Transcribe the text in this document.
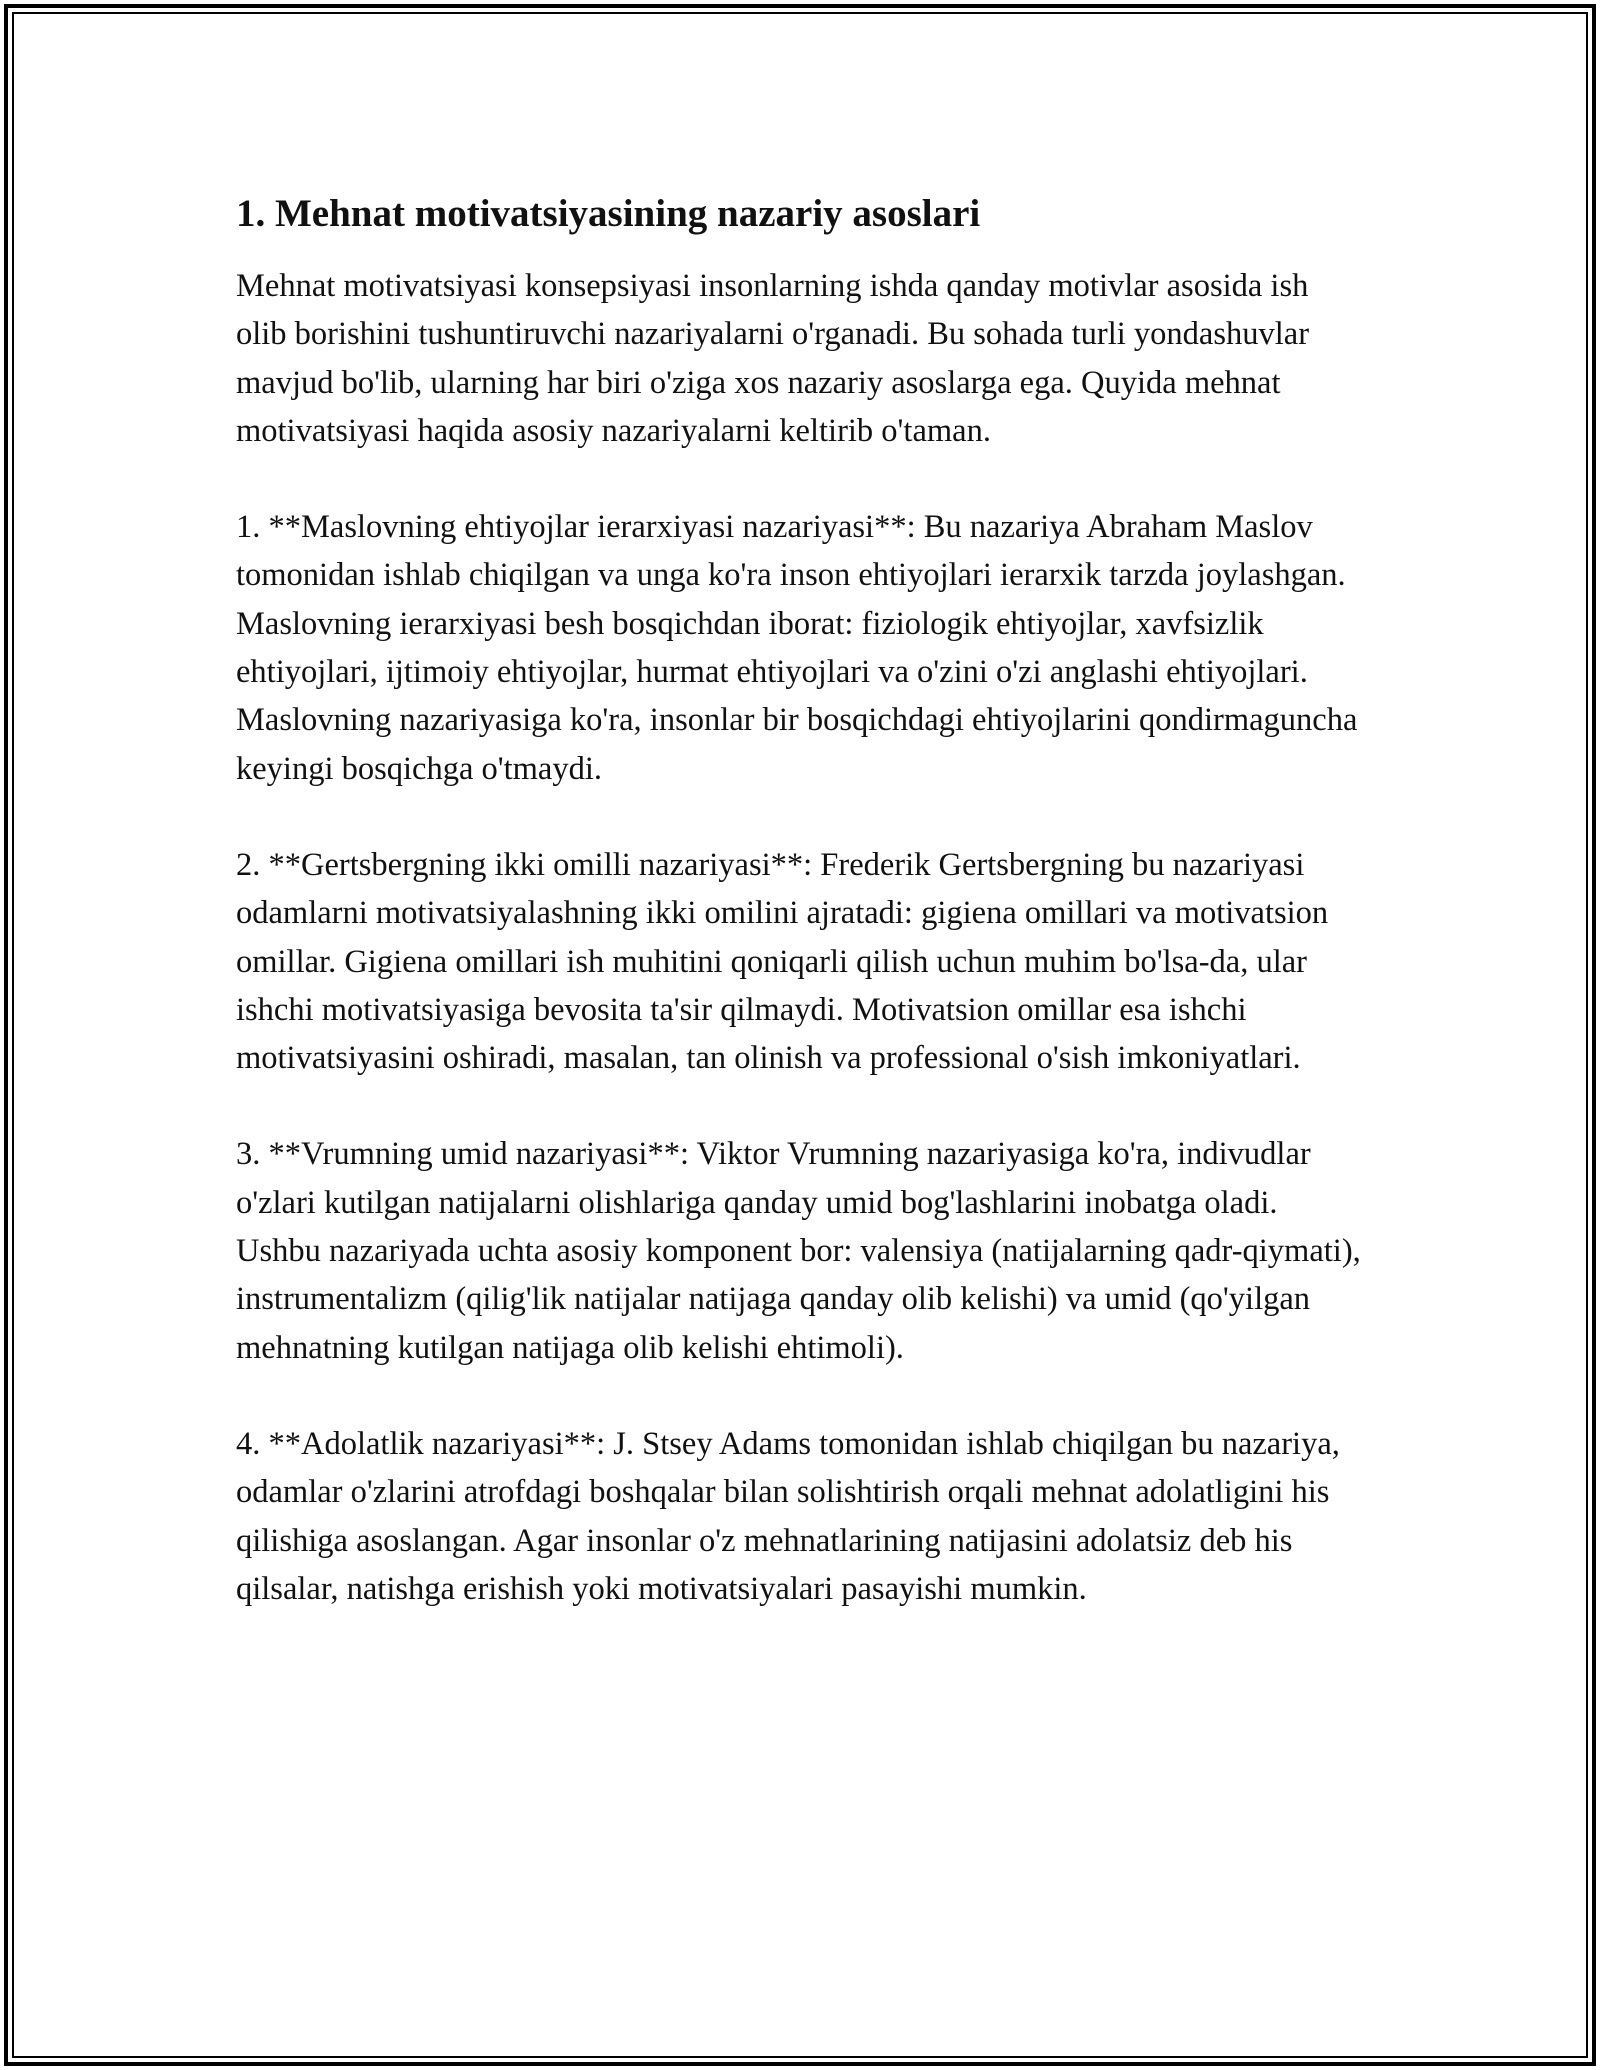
1. Mehnat motivatsiyasining nazariy asoslari

Mehnat motivatsiyasi konsepsiyasi insonlarning ishda qanday motivlar asosida ish olib borishini tushuntiruvchi nazariyalarni o'rganadi. Bu sohada turli yondashuvlar mavjud bo'lib, ularning har biri o'ziga xos nazariy asoslarga ega. Quyida mehnat motivatsiyasi haqida asosiy nazariyalarni keltirib o'taman.

1. **Maslovning ehtiyojlar ierarxiyasi nazariyasi**: Bu nazariya Abraham Maslov tomonidan ishlab chiqilgan va unga ko'ra inson ehtiyojlari ierarxik tarzda joylashgan. Maslovning ierarxiyasi besh bosqichdan iborat: fiziologik ehtiyojlar, xavfsizlik ehtiyojlari, ijtimoiy ehtiyojlar, hurmat ehtiyojlari va o'zini o'zi anglashi ehtiyojlari. Maslovning nazariyasiga ko'ra, insonlar bir bosqichdagi ehtiyojlarini qondirmaguncha keyingi bosqichga o'tmaydi.

2. **Gertsbergning ikki omilli nazariyasi**: Frederik Gertsbergning bu nazariyasi odamlarni motivatsiyalashning ikki omilini ajratadi: gigiena omillari va motivatsion omillar. Gigiena omillari ish muhitini qoniqarli qilish uchun muhim bo'lsa-da, ular ishchi motivatsiyasiga bevosita ta'sir qilmaydi. Motivatsion omillar esa ishchi motivatsiyasini oshiradi, masalan, tan olinish va professional o'sish imkoniyatlari.

3. **Vrumning umid nazariyasi**: Viktor Vrumning nazariyasiga ko'ra, indivudlar o'zlari kutilgan natijalarni olishlariga qanday umid bog'lashlarini inobatga oladi. Ushbu nazariyada uchta asosiy komponent bor: valensiya (natijalarning qadr-qiymati), instrumentalizm (qilig'lik natijalar natijaga qanday olib kelishi) va umid (qo'yilgan mehnatning kutilgan natijaga olib kelishi ehtimoli).

4. **Adolatlik nazariyasi**: J. Stsey Adams tomonidan ishlab chiqilgan bu nazariya, odamlar o'zlarini atrofdagi boshqalar bilan solishtirish orqali mehnat adolatligini his qilishiga asoslangan. Agar insonlar o'z mehnatlarining natijasini adolatsiz deb his qilsalar, natishga erishish yoki motivatsiyalari pasayishi mumkin.
